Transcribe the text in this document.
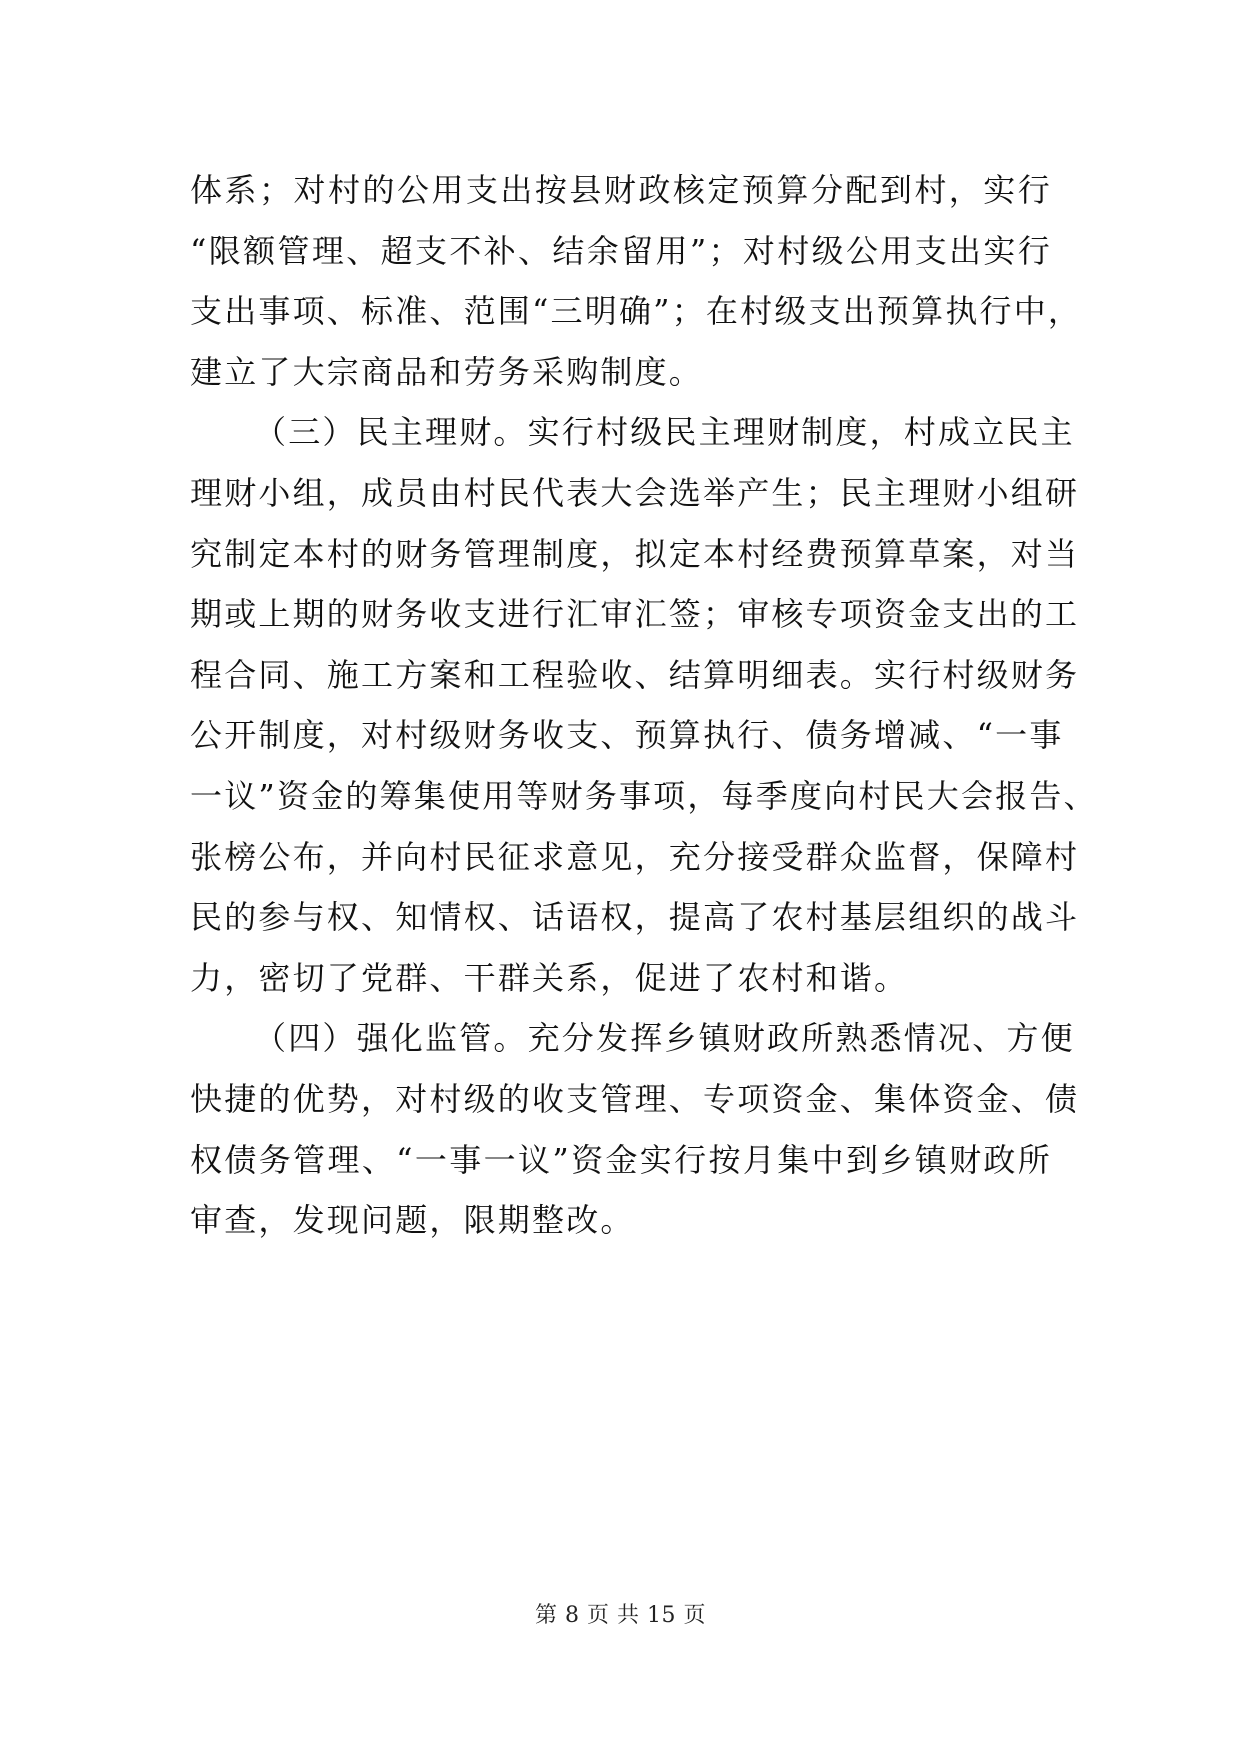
体系；对村的公用支出按县财政核定预算分配到村，实行
“限额管理、超支不补、结余留用”；对村级公用支出实行
支出事项、标准、范围“三明确”；在村级支出预算执行中，
建立了大宗商品和劳务采购制度。

（三）民主理财。实行村级民主理财制度，村成立民主
理财小组，成员由村民代表大会选举产生；民主理财小组研
究制定本村的财务管理制度，拟定本村经费预算草案，对当
期或上期的财务收支进行汇审汇签；审核专项资金支出的工
程合同、施工方案和工程验收、结算明细表。实行村级财务
公开制度，对村级财务收支、预算执行、债务增减、“一事
一议”资金的筹集使用等财务事项，每季度向村民大会报告、
张榜公布，并向村民征求意见，充分接受群众监督，保障村
民的参与权、知情权、话语权，提高了农村基层组织的战斗
力，密切了党群、干群关系，促进了农村和谐。

（四）强化监管。充分发挥乡镇财政所熟悉情况、方便
快捷的优势，对村级的收支管理、专项资金、集体资金、债
权债务管理、“一事一议”资金实行按月集中到乡镇财政所
审查，发现问题，限期整改。

第 8 页 共 15 页
